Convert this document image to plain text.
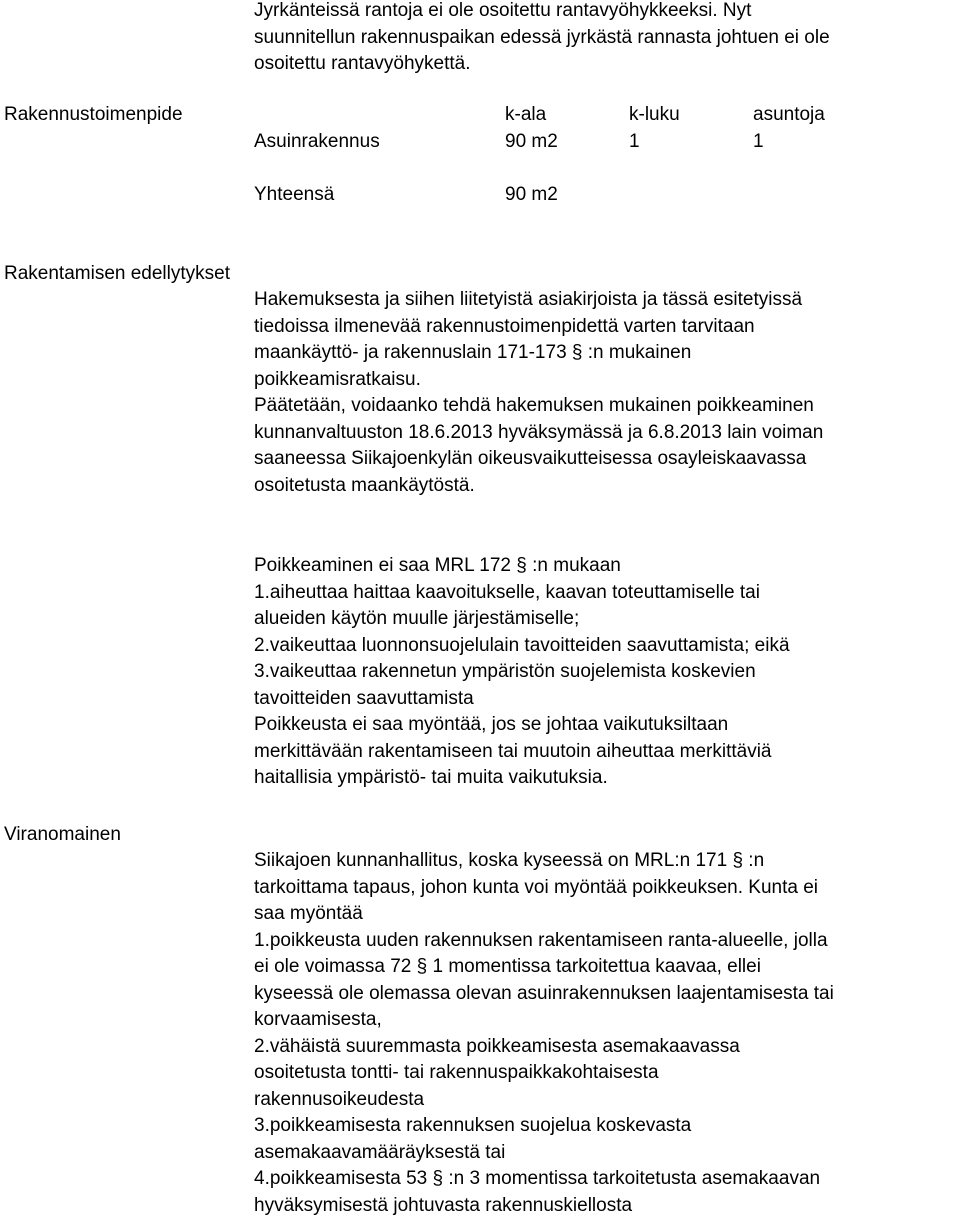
Jyrkänteissä rantoja ei ole osoitettu rantavyöhykkeeksi. Nyt
suunnitellun rakennuspaikan edessä jyrkästä rannasta johtuen ei ole
osoitettu rantavyöhykettä.
Rakennustoimenpide	k-ala	k-luku	asuntoja
Asuinrakennus	90 m2	1	1
Yhteensä	90 m2
Rakentamisen edellytykset
Hakemuksesta ja siihen liitetyistä asiakirjoista ja tässä esitetyissä
tiedoissa ilmenevää rakennustoimenpidettä varten tarvitaan
maankäyttö- ja rakennuslain 171-173 § :n mukainen
poikkeamisratkaisu.
Päätetään, voidaanko tehdä hakemuksen mukainen poikkeaminen
kunnanvaltuuston 18.6.2013 hyväksymässä ja 6.8.2013 lain voiman
saaneessa Siikajoenkylän oikeusvaikutteisessa osayleiskaavassa
osoitetusta maankäytöstä.
Poikkeaminen ei saa MRL 172 § :n mukaan
1.aiheuttaa haittaa kaavoitukselle, kaavan toteuttamiselle tai
alueiden käytön muulle järjestämiselle;
2.vaikeuttaa luonnonsuojelulain tavoitteiden saavuttamista; eikä
3.vaikeuttaa rakennetun ympäristön suojelemista koskevien
tavoitteiden saavuttamista
Poikkeusta ei saa myöntää, jos se johtaa vaikutuksiltaan
merkittävään rakentamiseen tai muutoin aiheuttaa merkittäviä
haitallisia ympäristö- tai muita vaikutuksia.
Viranomainen
Siikajoen kunnanhallitus, koska kyseessä on MRL:n 171 § :n
tarkoittama tapaus, johon kunta voi myöntää poikkeuksen. Kunta ei
saa myöntää
1.poikkeusta uuden rakennuksen rakentamiseen ranta-alueelle, jolla
ei ole voimassa 72 § 1 momentissa tarkoitettua kaavaa, ellei
kyseessä ole olemassa olevan asuinrakennuksen laajentamisesta tai
korvaamisesta,
2.vähäistä suuremmasta poikkeamisesta asemakaavassa
osoitetusta tontti- tai rakennuspaikkakohtaisesta
rakennusoikeudesta
3.poikkeamisesta rakennuksen suojelua koskevasta
asemakaavamääräyksestä tai
4.poikkeamisesta 53 § :n 3 momentissa tarkoitetusta asemakaavan
hyväksymisestä johtuvasta rakennuskiellosta
